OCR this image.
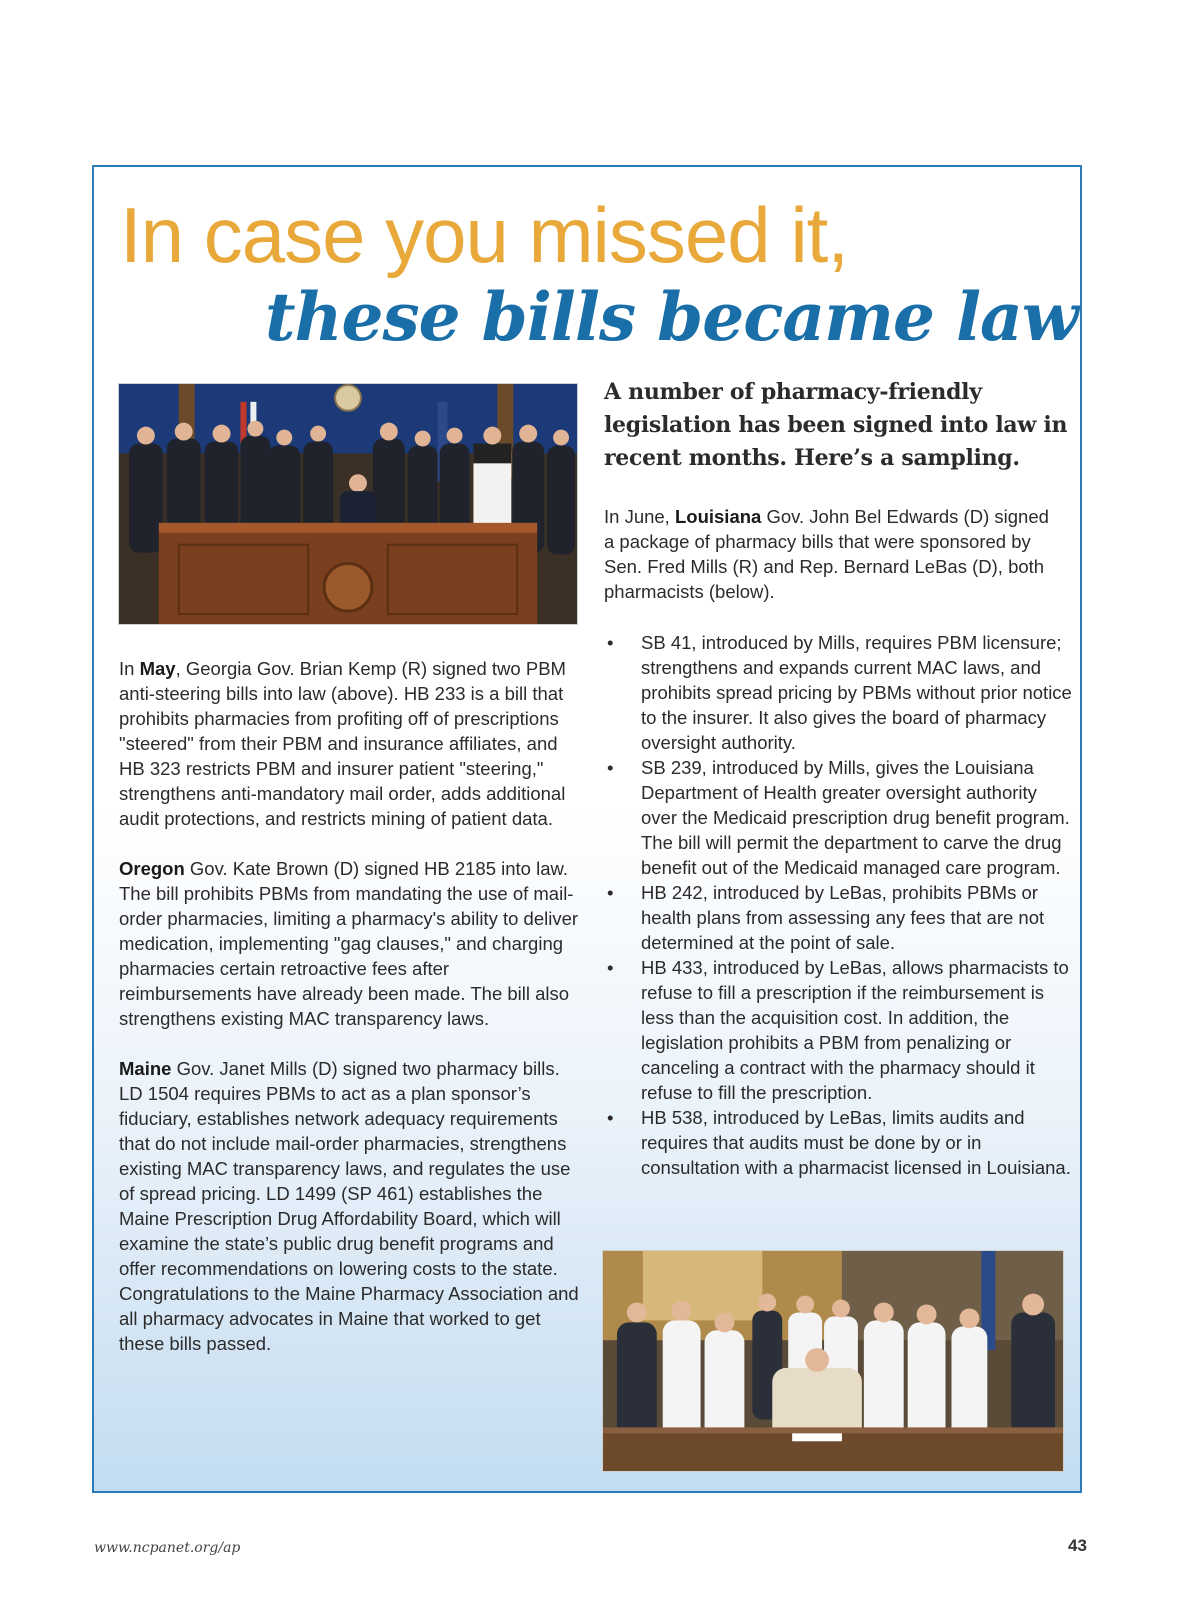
In case you missed it,
these bills became law
A number of pharmacy-friendly legislation has been signed into law in recent months. Here’s a sampling.

In June, Louisiana Gov. John Bel Edwards (D) signed a package of pharmacy bills that were sponsored by Sen. Fred Mills (R) and Rep. Bernard LeBas (D), both pharmacists (below).

• SB 41, introduced by Mills, requires PBM licensure; strengthens and expands current MAC laws, and prohibits spread pricing by PBMs without prior notice to the insurer. It also gives the board of pharmacy oversight authority.
• SB 239, introduced by Mills, gives the Louisiana Department of Health greater oversight authority over the Medicaid prescription drug benefit program. The bill will permit the department to carve the drug benefit out of the Medicaid managed care program.
• HB 242, introduced by LeBas, prohibits PBMs or health plans from assessing any fees that are not determined at the point of sale.
• HB 433, introduced by LeBas, allows pharmacists to refuse to fill a prescription if the reimbursement is less than the acquisition cost. In addition, the legislation prohibits a PBM from penalizing or canceling a contract with the pharmacy should it refuse to fill the prescription.
• HB 538, introduced by LeBas, limits audits and requires that audits must be done by or in consultation with a pharmacist licensed in Louisiana.

In May, Georgia Gov. Brian Kemp (R) signed two PBM anti-steering bills into law (above). HB 233 is a bill that prohibits pharmacies from profiting off of prescriptions "steered" from their PBM and insurance affiliates, and HB 323 restricts PBM and insurer patient "steering," strengthens anti-mandatory mail order, adds additional audit protections, and restricts mining of patient data.

Oregon Gov. Kate Brown (D) signed HB 2185 into law. The bill prohibits PBMs from mandating the use of mail-order pharmacies, limiting a pharmacy's ability to deliver medication, implementing "gag clauses," and charging pharmacies certain retroactive fees after reimbursements have already been made. The bill also strengthens existing MAC transparency laws.

Maine Gov. Janet Mills (D) signed two pharmacy bills. LD 1504 requires PBMs to act as a plan sponsor’s fiduciary, establishes network adequacy requirements that do not include mail-order pharmacies, strengthens existing MAC transparency laws, and regulates the use of spread pricing. LD 1499 (SP 461) establishes the Maine Prescription Drug Affordability Board, which will examine the state’s public drug benefit programs and offer recommendations on lowering costs to the state. Congratulations to the Maine Pharmacy Association and all pharmacy advocates in Maine that worked to get these bills passed.

www.ncpanet.org/ap	43
